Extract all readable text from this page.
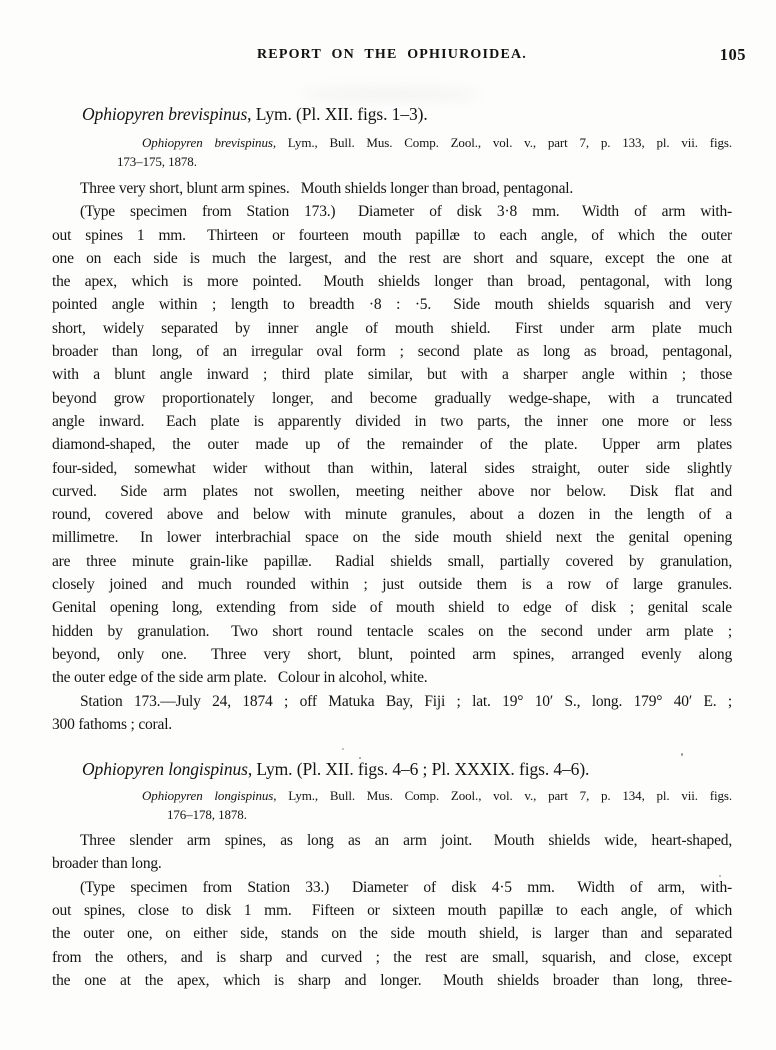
REPORT ON THE OPHIUROIDEA.	105
Ophiopyren brevispinus, Lym. (Pl. XII. figs. 1–3).
Ophiopyren brevispinus, Lym., Bull. Mus. Comp. Zool., vol. v., part 7, p. 133, pl. vii. figs.
173–175, 1878.
Three very short, blunt arm spines.  Mouth shields longer than broad, pentagonal.
(Type specimen from Station 173.)  Diameter of disk 3·8 mm.  Width of arm with-
out spines 1 mm.  Thirteen or fourteen mouth papillæ to each angle, of which the outer
one on each side is much the largest, and the rest are short and square, except the one at
the apex, which is more pointed.  Mouth shields longer than broad, pentagonal, with long
pointed angle within ; length to breadth ·8 : ·5.  Side mouth shields squarish and very
short, widely separated by inner angle of mouth shield.  First under arm plate much
broader than long, of an irregular oval form ; second plate as long as broad, pentagonal,
with a blunt angle inward ; third plate similar, but with a sharper angle within ; those
beyond grow proportionately longer, and become gradually wedge-shape, with a truncated
angle inward.  Each plate is apparently divided in two parts, the inner one more or less
diamond-shaped, the outer made up of the remainder of the plate.  Upper arm plates
four-sided, somewhat wider without than within, lateral sides straight, outer side slightly
curved.  Side arm plates not swollen, meeting neither above nor below.  Disk flat and
round, covered above and below with minute granules, about a dozen in the length of a
millimetre.  In lower interbrachial space on the side mouth shield next the genital opening
are three minute grain-like papillæ.  Radial shields small, partially covered by granulation,
closely joined and much rounded within ; just outside them is a row of large granules.
Genital opening long, extending from side of mouth shield to edge of disk ; genital scale
hidden by granulation.  Two short round tentacle scales on the second under arm plate ;
beyond, only one.  Three very short, blunt, pointed arm spines, arranged evenly along
the outer edge of the side arm plate.  Colour in alcohol, white.
Station 173.—July 24, 1874 ; off Matuka Bay, Fiji ; lat. 19° 10′ S., long. 179° 40′ E. ;
300 fathoms ; coral.
Ophiopyren longispinus, Lym. (Pl. XII. figs. 4–6 ; Pl. XXXIX. figs. 4–6).
Ophiopyren longispinus, Lym., Bull. Mus. Comp. Zool., vol. v., part 7, p. 134, pl. vii. figs.
176–178, 1878.
Three slender arm spines, as long as an arm joint.  Mouth shields wide, heart-shaped,
broader than long.
(Type specimen from Station 33.)  Diameter of disk 4·5 mm.  Width of arm, with-
out spines, close to disk 1 mm.  Fifteen or sixteen mouth papillæ to each angle, of which
the outer one, on either side, stands on the side mouth shield, is larger than and separated
from the others, and is sharp and curved ; the rest are small, squarish, and close, except
the one at the apex, which is sharp and longer.  Mouth shields broader than long, three-
